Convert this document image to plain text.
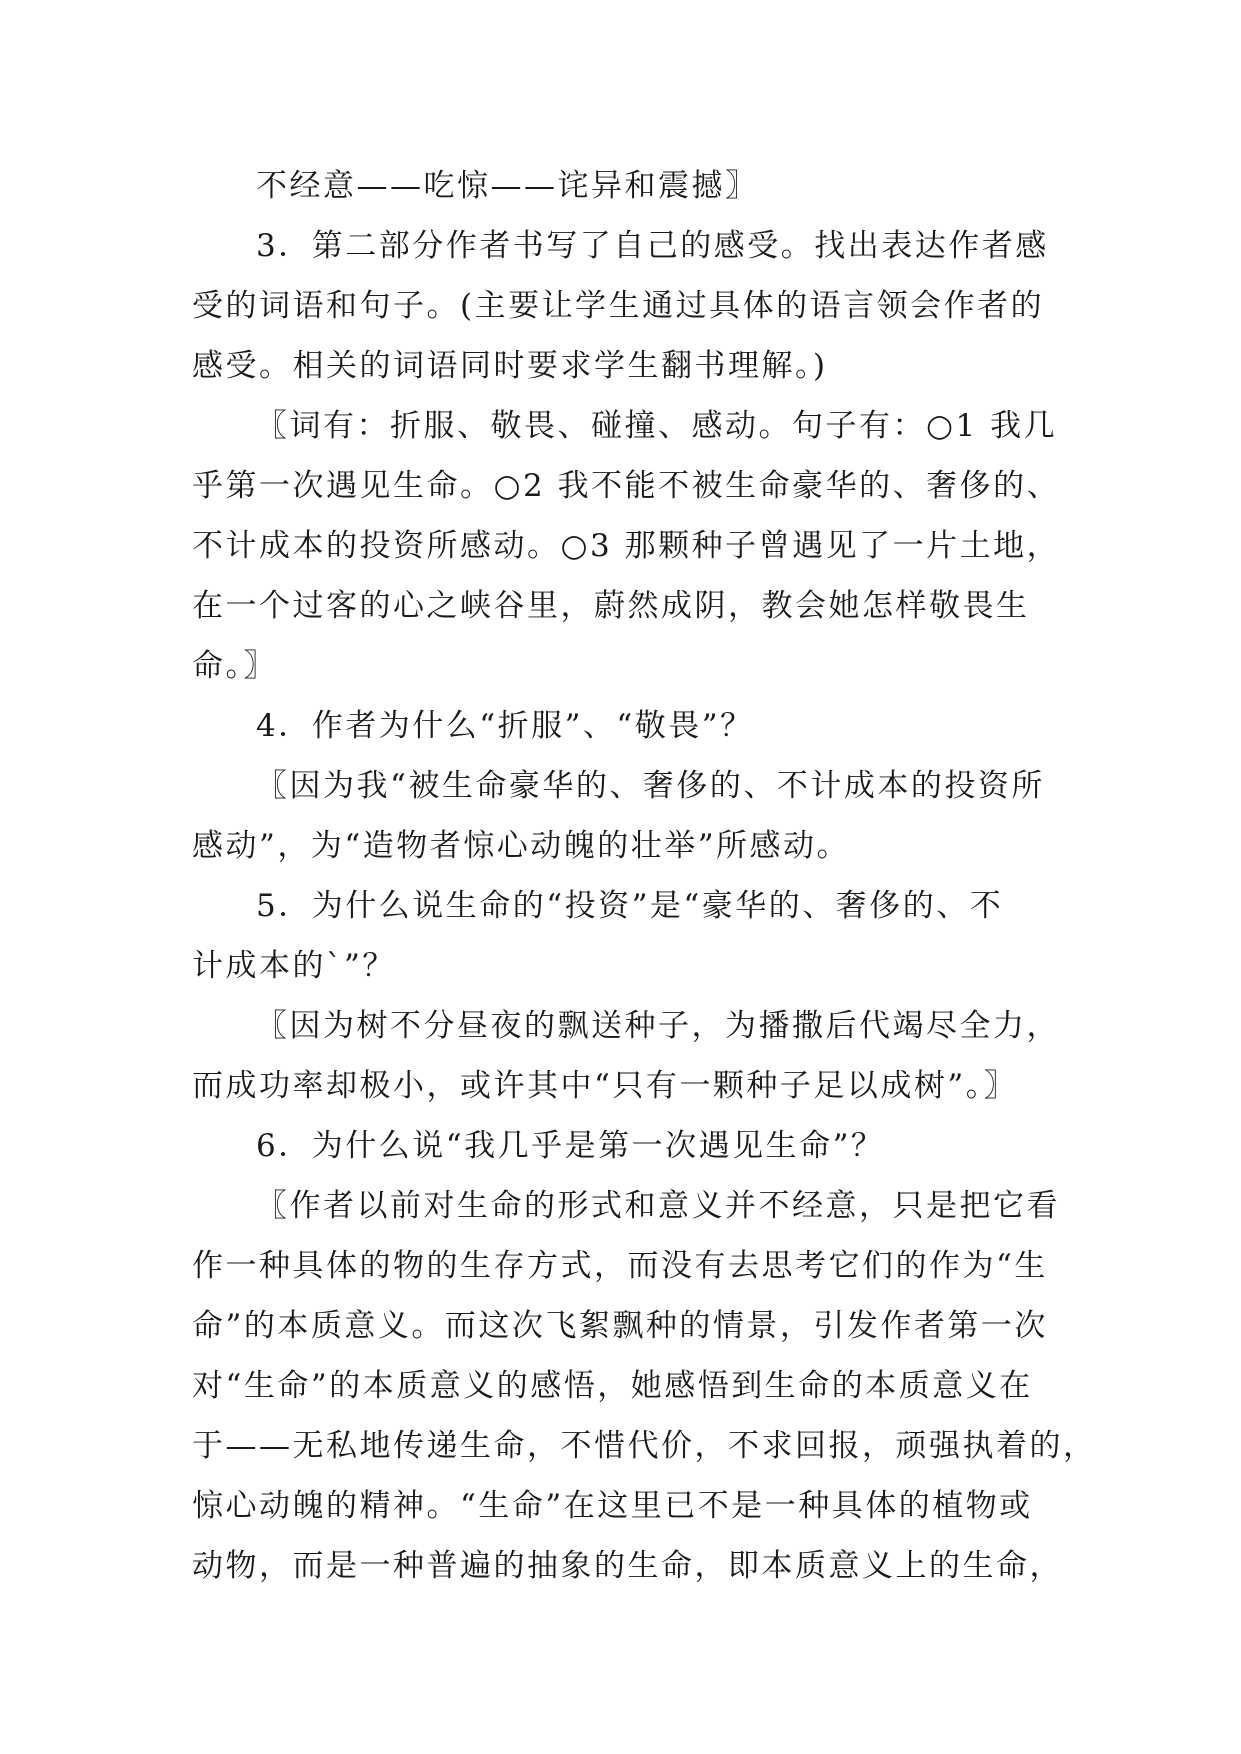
不经意——吃惊——诧异和震撼〗
3．第二部分作者书写了自己的感受。找出表达作者感
受的词语和句子。(主要让学生通过具体的语言领会作者的
感受。相关的词语同时要求学生翻书理解。)
〖词有：折服、敬畏、碰撞、感动。句子有：○1 我几
乎第一次遇见生命。○2 我不能不被生命豪华的、奢侈的、
不计成本的投资所感动。○3 那颗种子曾遇见了一片土地，
在一个过客的心之峡谷里，蔚然成阴，教会她怎样敬畏生
命。〗
4．作者为什么“折服”、“敬畏”？
〖因为我“被生命豪华的、奢侈的、不计成本的投资所
感动”，为“造物者惊心动魄的壮举”所感动。
5．为什么说生命的“投资”是“豪华的、奢侈的、不
计成本的`”？
〖因为树不分昼夜的飘送种子，为播撒后代竭尽全力，
而成功率却极小，或许其中“只有一颗种子足以成树”。〗
6．为什么说“我几乎是第一次遇见生命”？
〖作者以前对生命的形式和意义并不经意，只是把它看
作一种具体的物的生存方式，而没有去思考它们的作为“生
命”的本质意义。而这次飞絮飘种的情景，引发作者第一次
对“生命”的本质意义的感悟，她感悟到生命的本质意义在
于——无私地传递生命，不惜代价，不求回报，顽强执着的，
惊心动魄的精神。“生命”在这里已不是一种具体的植物或
动物，而是一种普遍的抽象的生命，即本质意义上的生命，
